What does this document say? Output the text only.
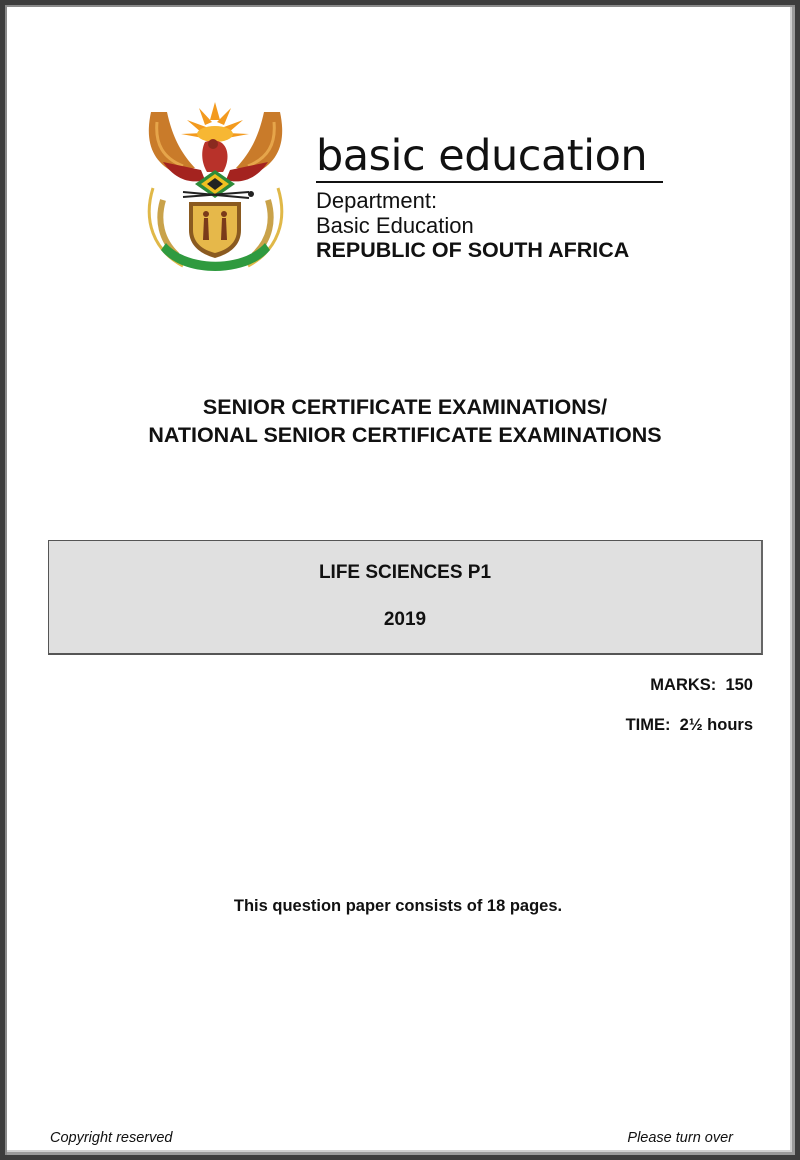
basic education
Department:
Basic Education
REPUBLIC OF SOUTH AFRICA
SENIOR CERTIFICATE EXAMINATIONS/
NATIONAL SENIOR CERTIFICATE EXAMINATIONS
LIFE SCIENCES P1
2019
MARKS:  150
TIME:  2½ hours
This question paper consists of 18 pages.
Copyright reserved	Please turn over
